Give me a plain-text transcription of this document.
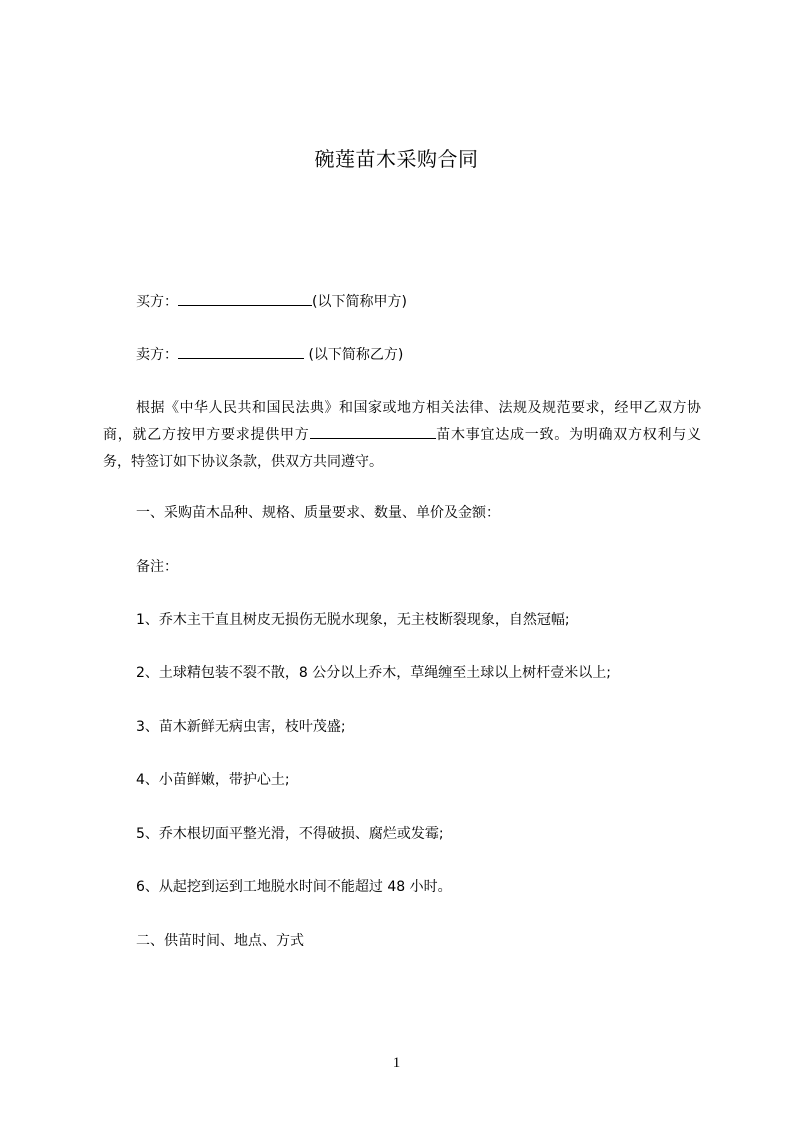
碗莲苗木采购合同
买方：	(以下简称甲方)
卖方：	(以下简称乙方)
根据《中华人民共和国民法典》和国家或地方相关法律、法规及规范要求，经甲乙双方协商，就乙方按甲方要求提供甲方	苗木事宜达成一致。为明确双方权利与义务，特签订如下协议条款，供双方共同遵守。
一、采购苗木品种、规格、质量要求、数量、单价及金额：
备注：
1、乔木主干直且树皮无损伤无脱水现象，无主枝断裂现象，自然冠幅;
2、土球精包装不裂不散，8 公分以上乔木，草绳缠至土球以上树杆壹米以上;
3、苗木新鲜无病虫害，枝叶茂盛;
4、小苗鲜嫩，带护心土;
5、乔木根切面平整光滑，不得破损、腐烂或发霉;
6、从起挖到运到工地脱水时间不能超过 48 小时。
二、供苗时间、地点、方式
1
